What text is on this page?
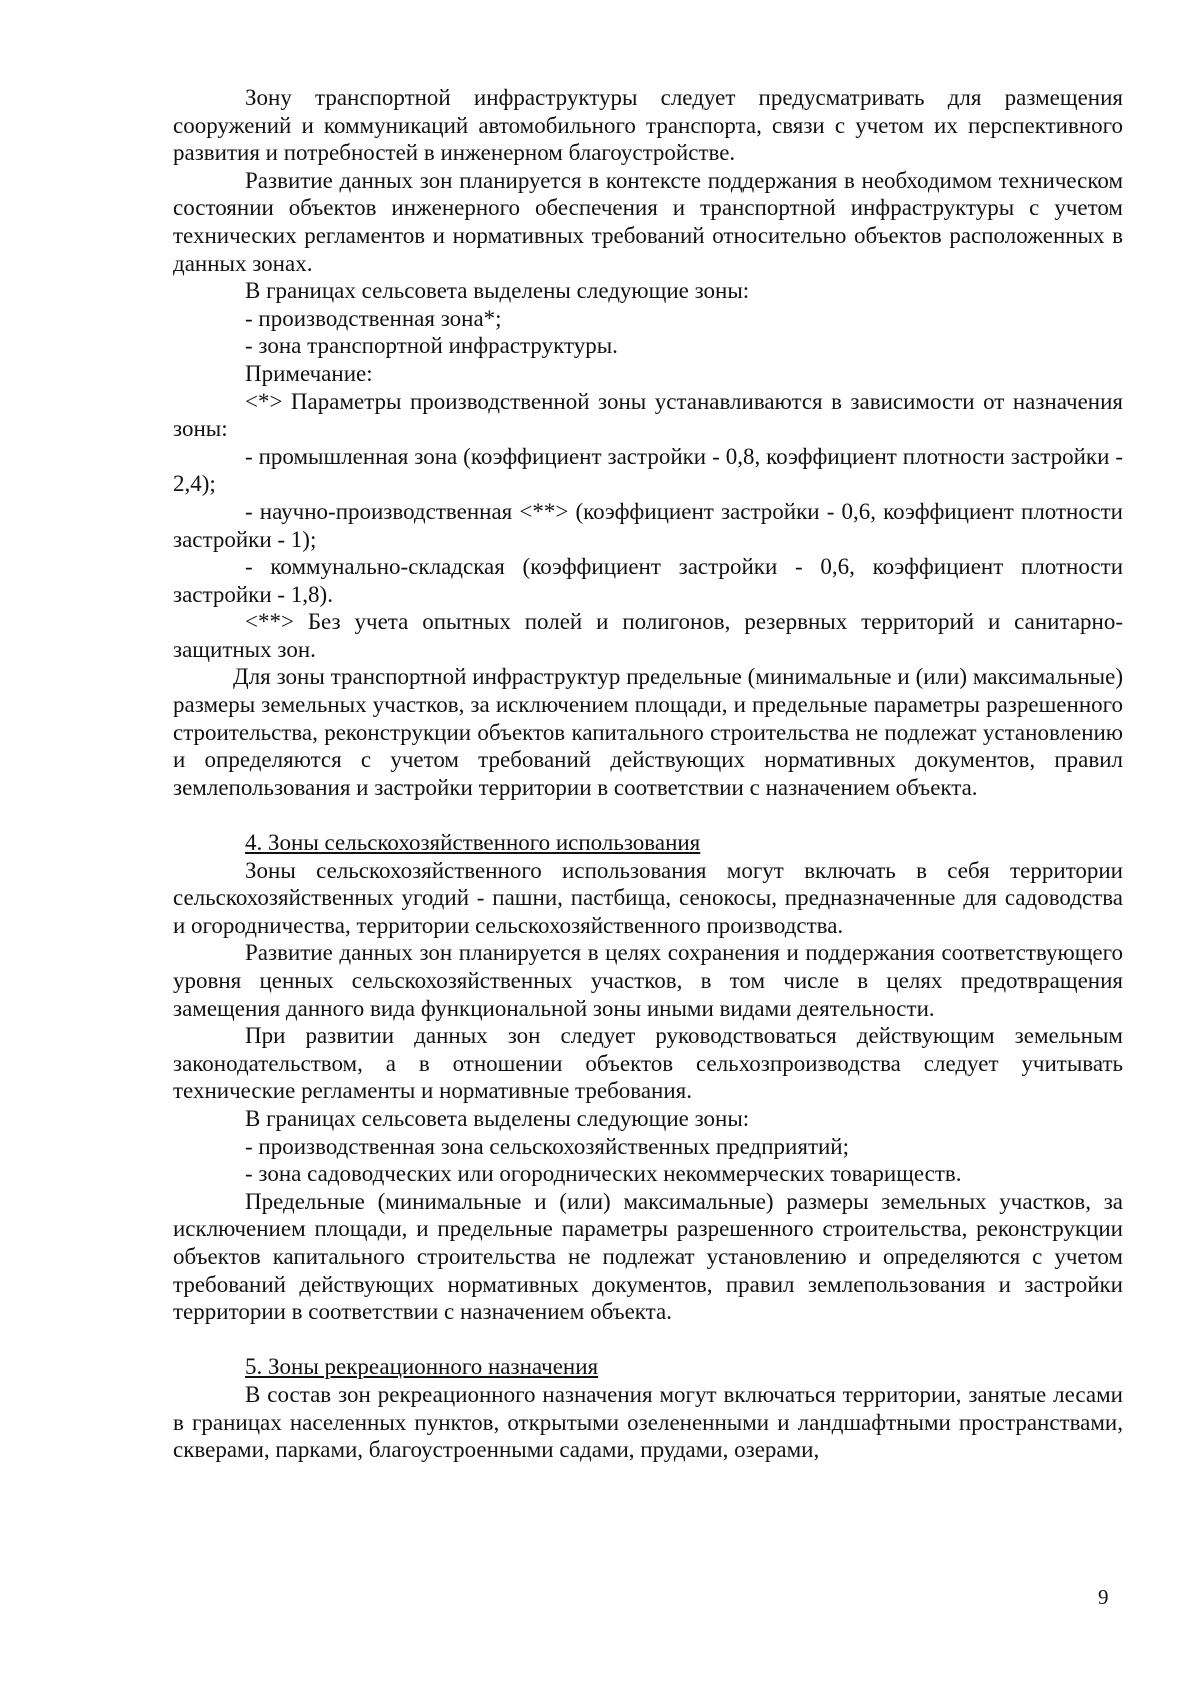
Зону транспортной инфраструктуры следует предусматривать для размещения сооружений и коммуникаций автомобильного транспорта, связи с учетом их перспективного развития и потребностей в инженерном благоустройстве.

Развитие данных зон планируется в контексте поддержания в необходимом техническом состоянии объектов инженерного обеспечения и транспортной инфраструктуры с учетом технических регламентов и нормативных требований относительно объектов расположенных в данных зонах.

В границах сельсовета выделены следующие зоны:

- производственная зона*;

- зона транспортной инфраструктуры.

Примечание:

<*> Параметры производственной зоны устанавливаются в зависимости от назначения зоны:

- промышленная зона (коэффициент застройки - 0,8, коэффициент плотности застройки - 2,4);

- научно-производственная <**> (коэффициент застройки - 0,6, коэффициент плотности застройки - 1);

- коммунально-складская (коэффициент застройки - 0,6, коэффициент плотности застройки - 1,8).

<**> Без учета опытных полей и полигонов, резервных территорий и санитарно-защитных зон.

Для зоны транспортной инфраструктур предельные (минимальные и (или) максимальные) размеры земельных участков, за исключением площади, и предельные параметры разрешенного строительства, реконструкции объектов капитального строительства не подлежат установлению и определяются с учетом требований действующих нормативных документов, правил землепользования и застройки территории в соответствии с назначением объекта.

4. Зоны сельскохозяйственного использования

Зоны сельскохозяйственного использования могут включать в себя территории сельскохозяйственных угодий - пашни, пастбища, сенокосы, предназначенные для садоводства и огородничества, территории сельскохозяйственного производства.

Развитие данных зон планируется в целях сохранения и поддержания соответствующего уровня ценных сельскохозяйственных участков, в том числе в целях предотвращения замещения данного вида функциональной зоны иными видами деятельности.

При развитии данных зон следует руководствоваться действующим земельным законодательством, а в отношении объектов сельхозпроизводства следует учитывать технические регламенты и нормативные требования.

В границах сельсовета выделены следующие зоны:

- производственная зона сельскохозяйственных предприятий;

- зона садоводческих или огороднических некоммерческих товариществ.

Предельные (минимальные и (или) максимальные) размеры земельных участков, за исключением площади, и предельные параметры разрешенного строительства, реконструкции объектов капитального строительства не подлежат установлению и определяются с учетом требований действующих нормативных документов, правил землепользования и застройки территории в соответствии с назначением объекта.

5. Зоны рекреационного назначения

В состав зон рекреационного назначения могут включаться территории, занятые лесами в границах населенных пунктов, открытыми озелененными и ландшафтными пространствами, скверами, парками, благоустроенными садами, прудами, озерами,

9
